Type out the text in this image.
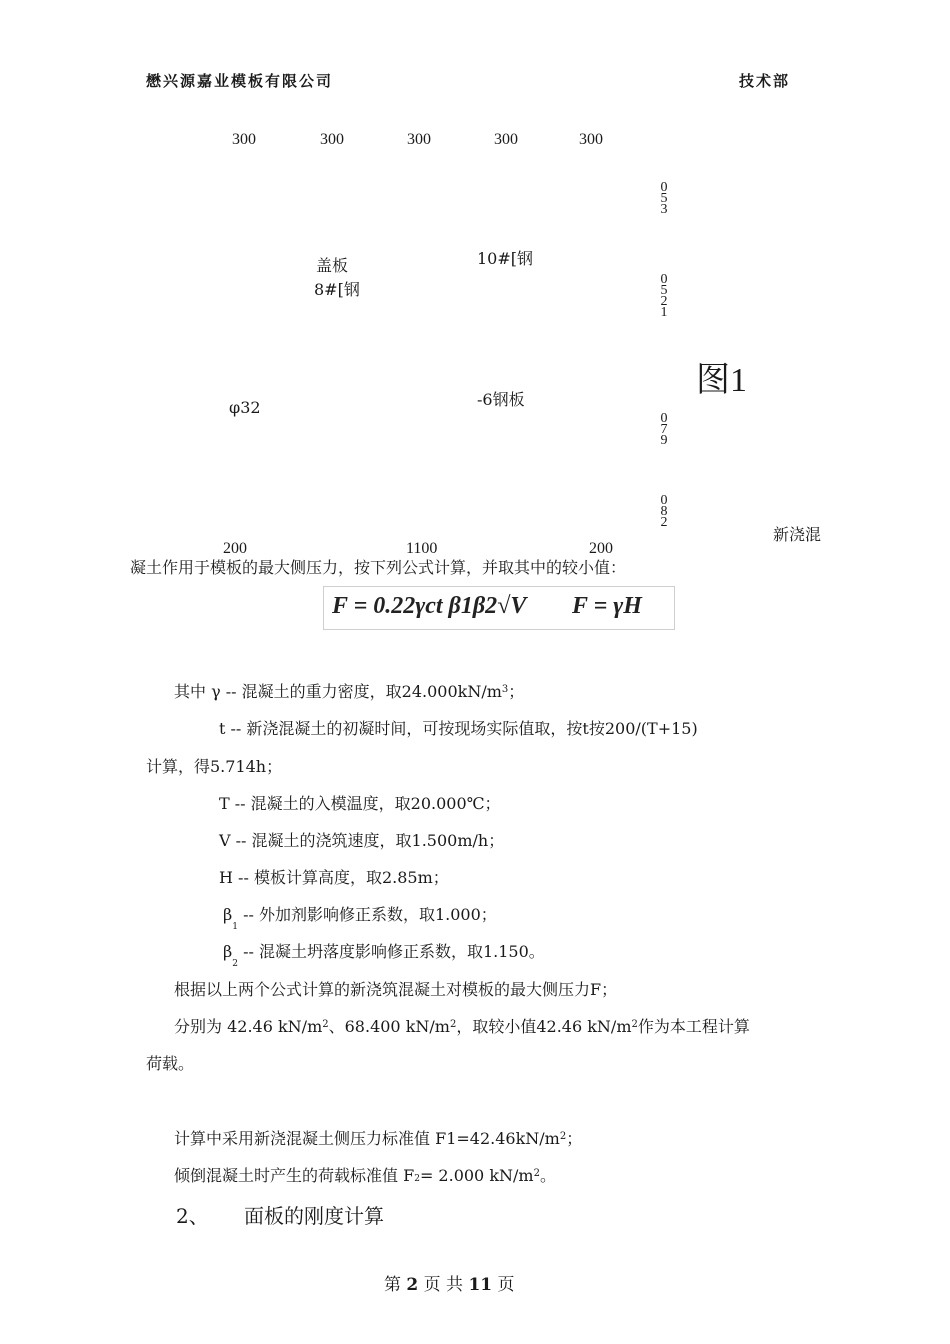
懋兴源嘉业模板有限公司	技术部
300	300	300	300	300
盖板
8#[钢
10#[钢
φ32	-6钢板
图1
0
5
3
0
5
2
1
0
7
9
0
8
2
200	1100	200
新浇混
凝土作用于模板的最大侧压力，按下列公式计算，并取其中的较小值：
F = 0.22γct β1β2√V F = γH
其中 γ -- 混凝土的重力密度，取$24.000kN/m^3$；
t -- 新浇混凝土的初凝时间，可按现场实际值取，按t按200/(T+15)
计算，得5.714h；
T -- 混凝土的入模温度，取20.000℃；
V -- 混凝土的浇筑速度，取1.500m/h；
H -- 模板计算高度，取2.85m；
$\beta_1$ -- 外加剂影响修正系数，取1.000；
$\beta_2$ -- 混凝土坍落度影响修正系数，取1.150。
根据以上两个公式计算的新浇筑混凝土对模板的最大侧压力F；
分别为 42.46 $kN/m^2$、68.400 $kN/m^2$，取较小值42.46 $kN/m^2$作为本工程计算
荷载。
计算中采用新浇混凝土侧压力标准值 $F1=42.46kN/m^2$；
倾倒混凝土时产生的荷载标准值 F2= 2.000 $kN/m^2$。
2、 面板的刚度计算
第 2 页 共 11 页
